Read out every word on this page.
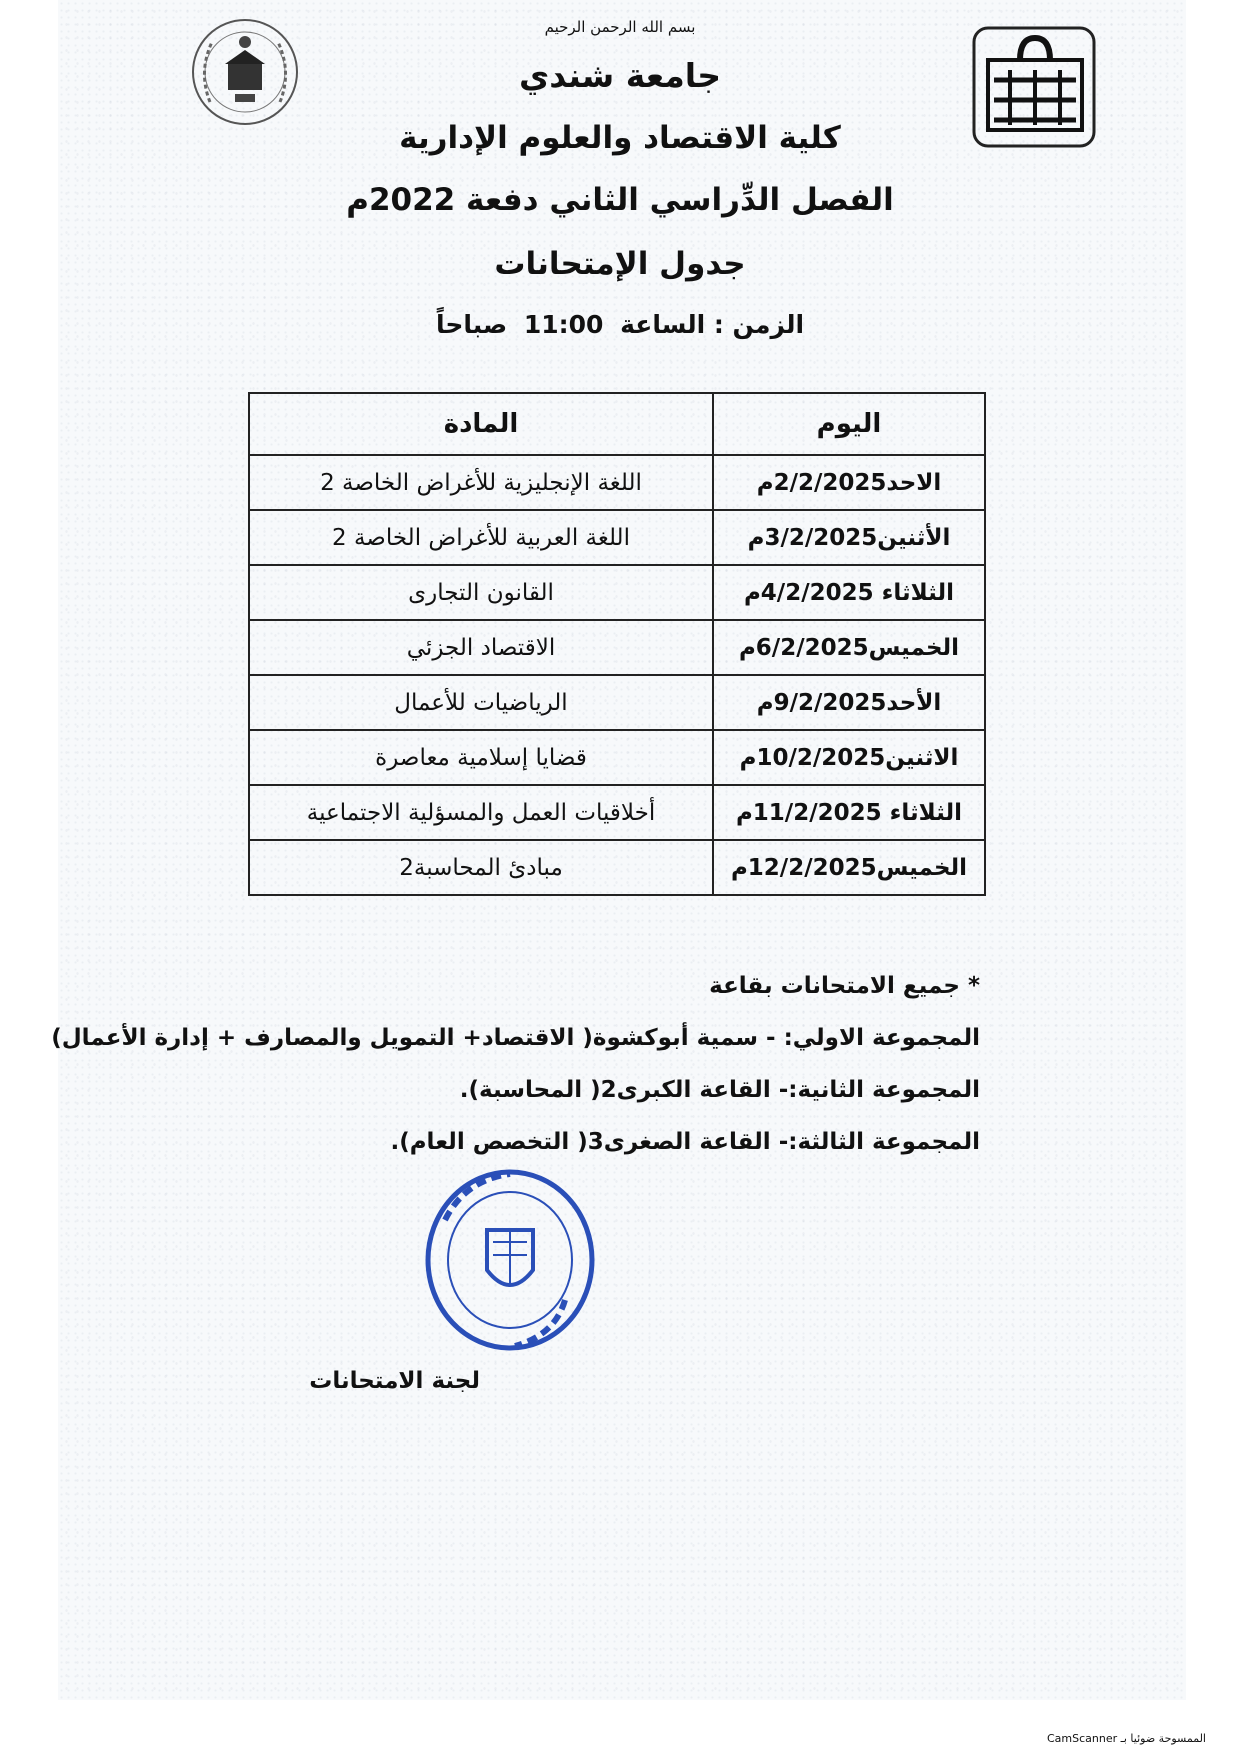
بسم الله الرحمن الرحيم
جامعة شندي
كلية الاقتصاد والعلوم الإدارية
الفصل الدِّراسي الثاني دفعة 2022م
جدول الإمتحانات
الزمن : الساعة 11:00 صباحاً
اليوم	المادة
الاحد2/2/2025م	اللغة الإنجليزية للأغراض الخاصة 2
الأثنين3/2/2025م	اللغة العربية للأغراض الخاصة 2
الثلاثاء 4/2/2025م	القانون التجارى
الخميس6/2/2025م	الاقتصاد الجزئي
الأحد9/2/2025م	الرياضيات للأعمال
الاثنين10/2/2025م	قضايا إسلامية معاصرة
الثلاثاء 11/2/2025م	أخلاقيات العمل والمسؤلية الاجتماعية
الخميس12/2/2025م	مبادئ المحاسبة2
* جميع الامتحانات بقاعة
المجموعة الاولي: - سمية أبوكشوة( الاقتصاد+ التمويل والمصارف + إدارة الأعمال)
المجموعة الثانية:- القاعة الكبرى2( المحاسبة).
المجموعة الثالثة:- القاعة الصغرى3( التخصص العام).
لجنة الامتحانات
الممسوحة ضوئيا بـ CamScanner
